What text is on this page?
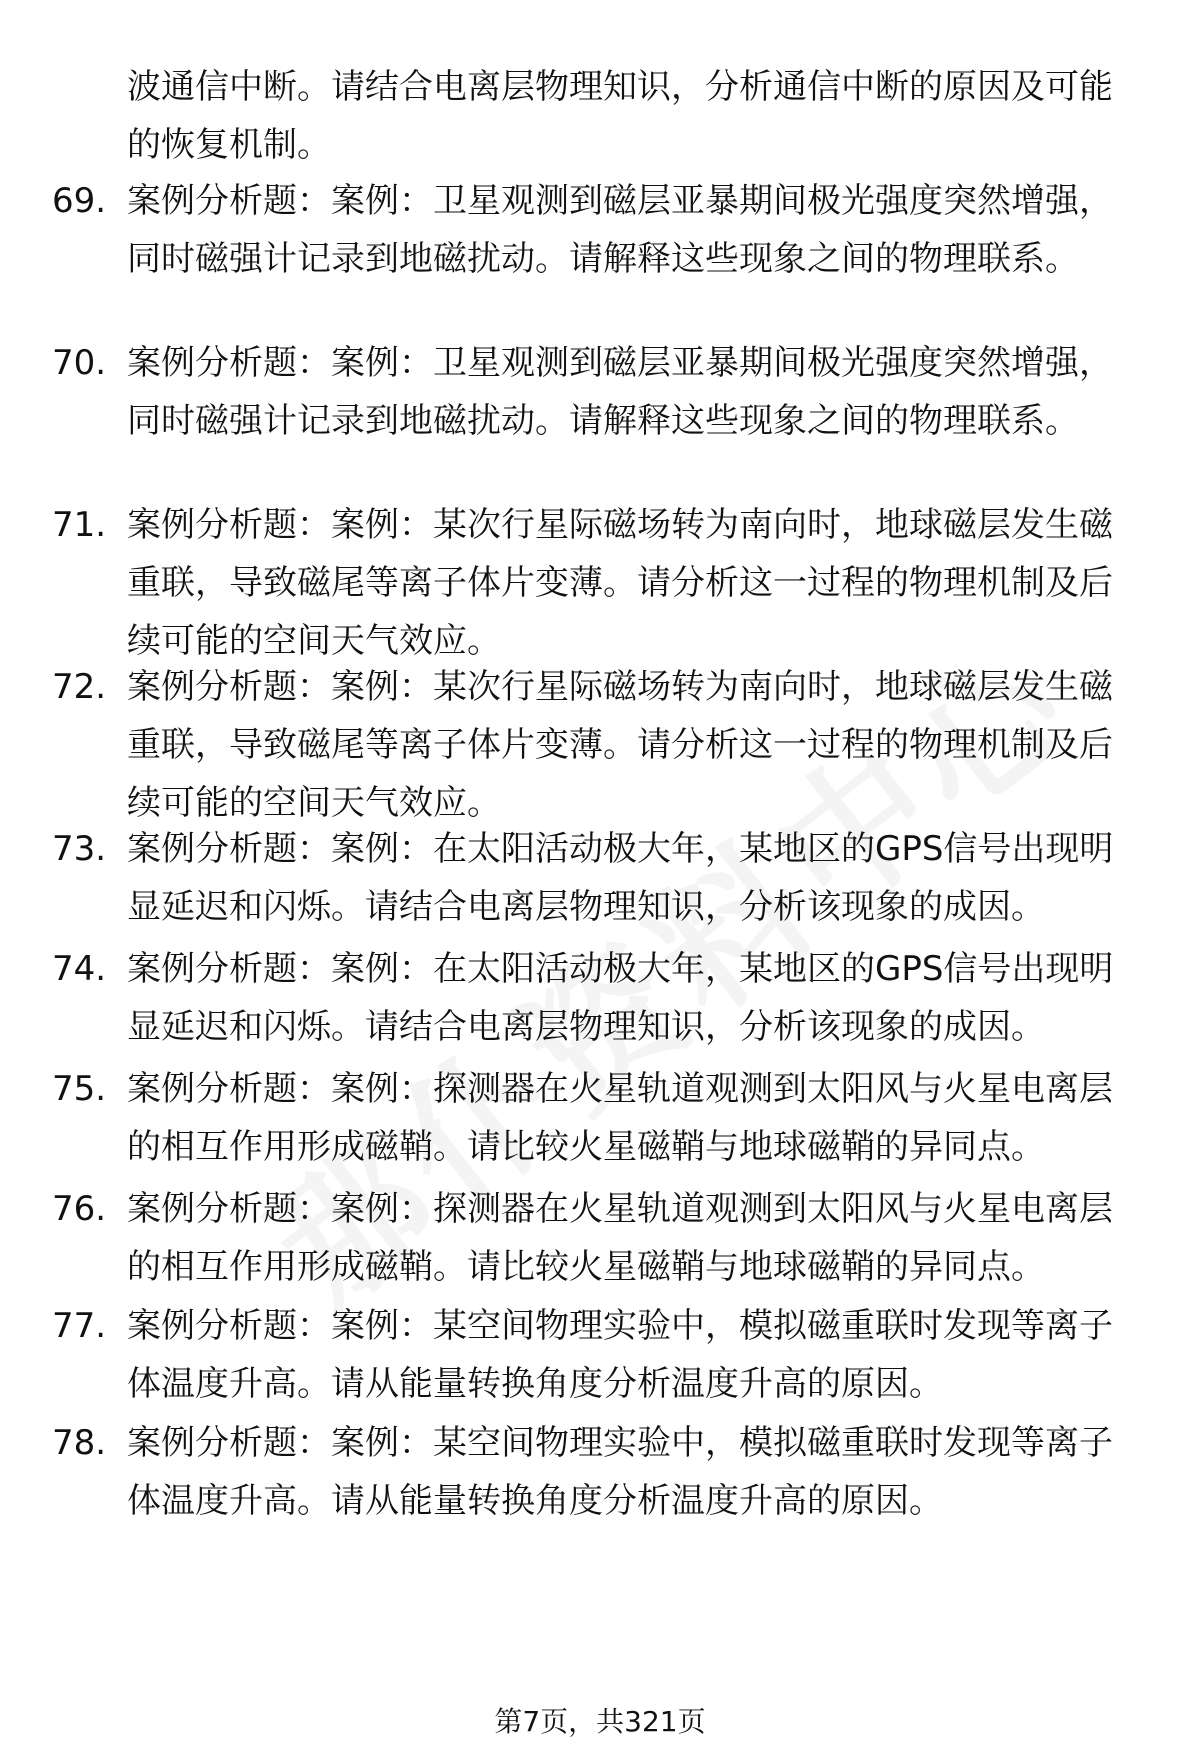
波通信中断。请结合电离层物理知识，分析通信中断的原因及可能的恢复机制。

69. 案例分析题：案例：卫星观测到磁层亚暴期间极光强度突然增强，同时磁强计记录到地磁扰动。请解释这些现象之间的物理联系。

70. 案例分析题：案例：卫星观测到磁层亚暴期间极光强度突然增强，同时磁强计记录到地磁扰动。请解释这些现象之间的物理联系。

71. 案例分析题：案例：某次行星际磁场转为南向时，地球磁层发生磁重联，导致磁尾等离子体片变薄。请分析这一过程的物理机制及后续可能的空间天气效应。

72. 案例分析题：案例：某次行星际磁场转为南向时，地球磁层发生磁重联，导致磁尾等离子体片变薄。请分析这一过程的物理机制及后续可能的空间天气效应。

73. 案例分析题：案例：在太阳活动极大年，某地区的GPS信号出现明显延迟和闪烁。请结合电离层物理知识，分析该现象的成因。

74. 案例分析题：案例：在太阳活动极大年，某地区的GPS信号出现明显延迟和闪烁。请结合电离层物理知识，分析该现象的成因。

75. 案例分析题：案例：探测器在火星轨道观测到太阳风与火星电离层的相互作用形成磁鞘。请比较火星磁鞘与地球磁鞘的异同点。

76. 案例分析题：案例：探测器在火星轨道观测到太阳风与火星电离层的相互作用形成磁鞘。请比较火星磁鞘与地球磁鞘的异同点。

77. 案例分析题：案例：某空间物理实验中，模拟磁重联时发现等离子体温度升高。请从能量转换角度分析温度升高的原因。

78. 案例分析题：案例：某空间物理实验中，模拟磁重联时发现等离子体温度升高。请从能量转换角度分析温度升高的原因。

第7页，共321页
